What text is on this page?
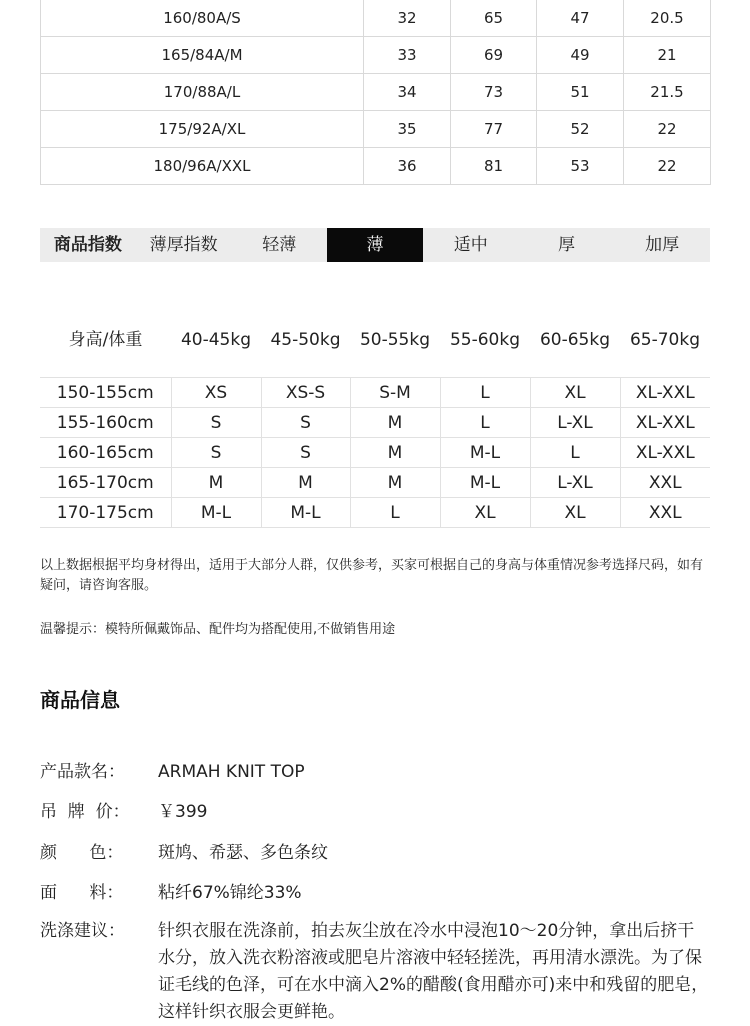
160/80A/S	32	65	47	20.5
165/84A/M	33	69	49	21
170/88A/L	34	73	51	21.5
175/92A/XL	35	77	52	22
180/96A/XXL	36	81	53	22
商品指数	薄厚指数	轻薄	薄	适中	厚	加厚
身高/体重	40-45kg	45-50kg	50-55kg	55-60kg	60-65kg	65-70kg
150-155cm	XS	XS-S	S-M	L	XL	XL-XXL
155-160cm	S	S	M	L	L-XL	XL-XXL
160-165cm	S	S	M	M-L	L	XL-XXL
165-170cm	M	M	M	M-L	L-XL	XXL
170-175cm	M-L	M-L	L	XL	XL	XXL
以上数据根据平均身材得出，适用于大部分人群，仅供参考，买家可根据自己的身高与体重情况参考选择尺码，如有疑问，请咨询客服。
温馨提示：模特所佩戴饰品、配件均为搭配使用,不做销售用途
商品信息
产品款名：	ARMAH KNIT TOP
吊  牌  价：	￥399
颜      色：	斑鸠、希瑟、多色条纹
面      料：	粘纤67%锦纶33%
洗涤建议：	针织衣服在洗涤前，拍去灰尘放在冷水中浸泡10～20分钟，拿出后挤干水分，放入洗衣粉溶液或肥皂片溶液中轻轻搓洗，再用清水漂洗。为了保证毛线的色泽，可在水中滴入2%的醋酸(食用醋亦可)来中和残留的肥皂，这样针织衣服会更鲜艳。
